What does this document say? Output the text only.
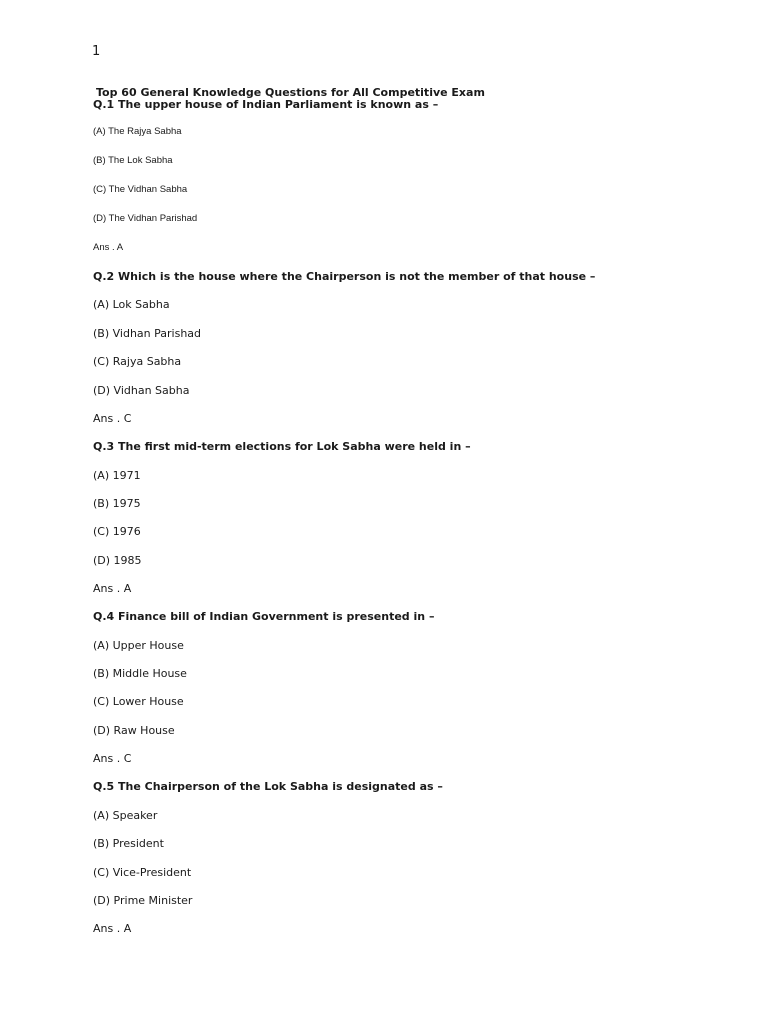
1

Top 60 General Knowledge Questions for All Competitive Exam

Q.1 The upper house of Indian Parliament is known as –

(A) The Rajya Sabha

(B) The Lok Sabha

(C) The Vidhan Sabha

(D) The Vidhan Parishad

Ans . A

Q.2 Which is the house where the Chairperson is not the member of that house –

(A) Lok Sabha

(B) Vidhan Parishad

(C) Rajya Sabha

(D) Vidhan Sabha

Ans . C

Q.3 The first mid-term elections for Lok Sabha were held in –

(A) 1971

(B) 1975

(C) 1976

(D) 1985

Ans . A

Q.4 Finance bill of Indian Government is presented in –

(A) Upper House

(B) Middle House

(C) Lower House

(D) Raw House

Ans . C

Q.5 The Chairperson of the Lok Sabha is designated as –

(A) Speaker

(B) President

(C) Vice-President

(D) Prime Minister

Ans . A
